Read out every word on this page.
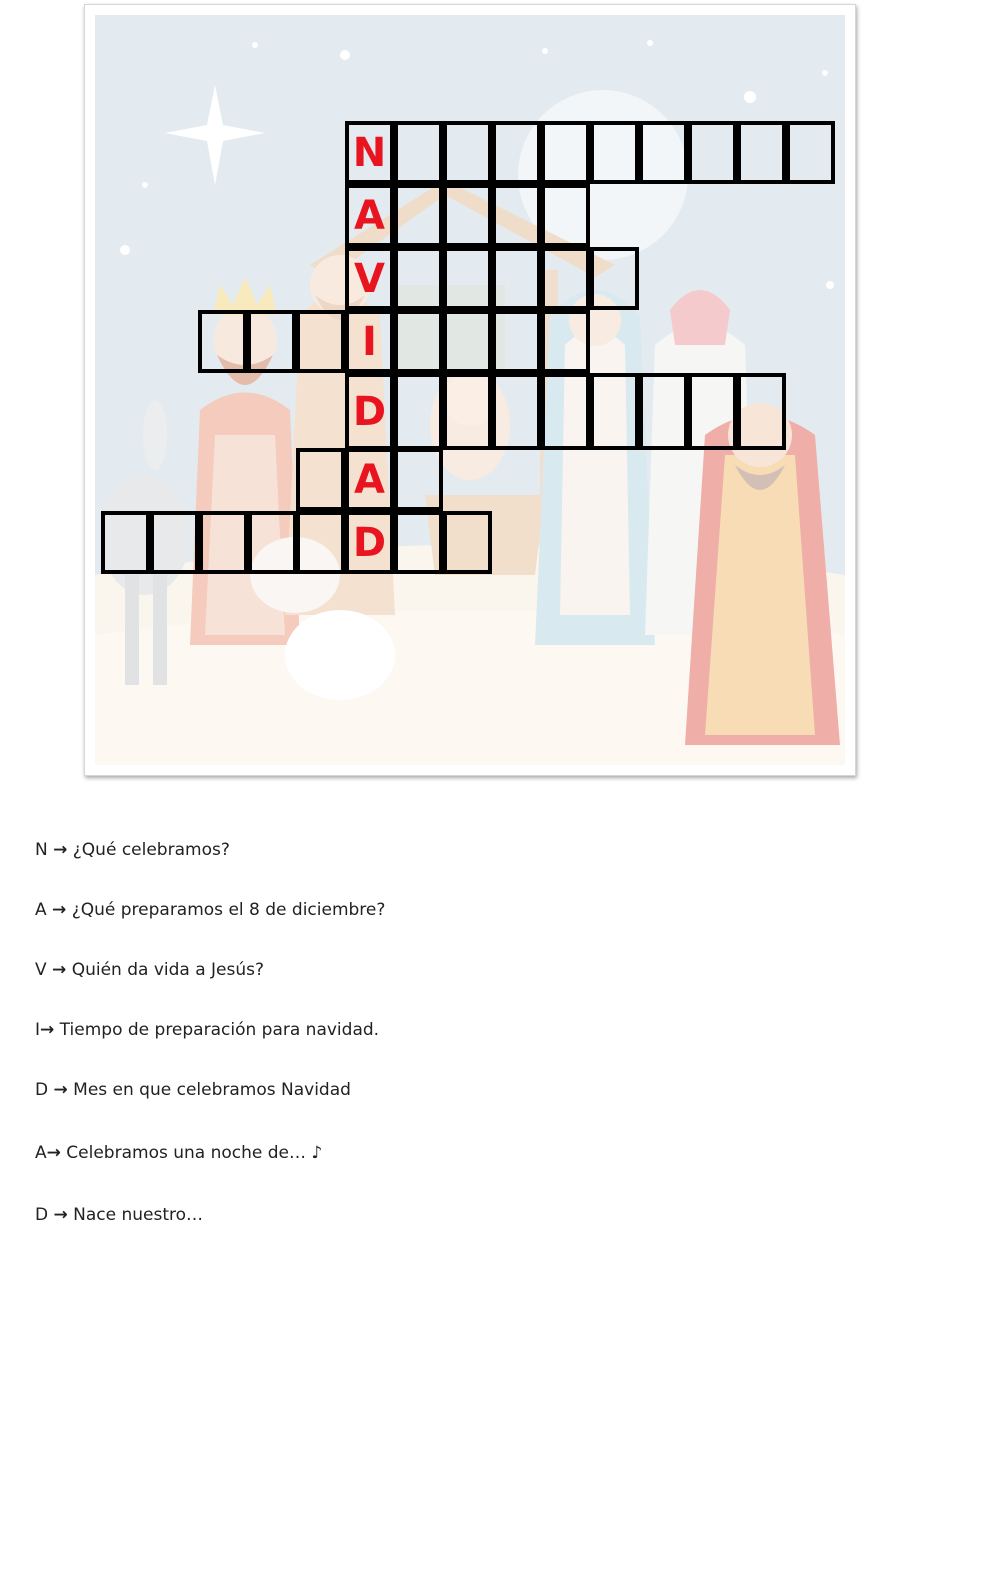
N
A
V
I
D
A
D
N → ¿Qué celebramos?
A → ¿Qué preparamos el 8 de diciembre?
V → Quién da vida a Jesús?
I→ Tiempo de preparación para navidad.
D → Mes en que celebramos Navidad
A→ Celebramos una noche de… ♪
D → Nace nuestro…
